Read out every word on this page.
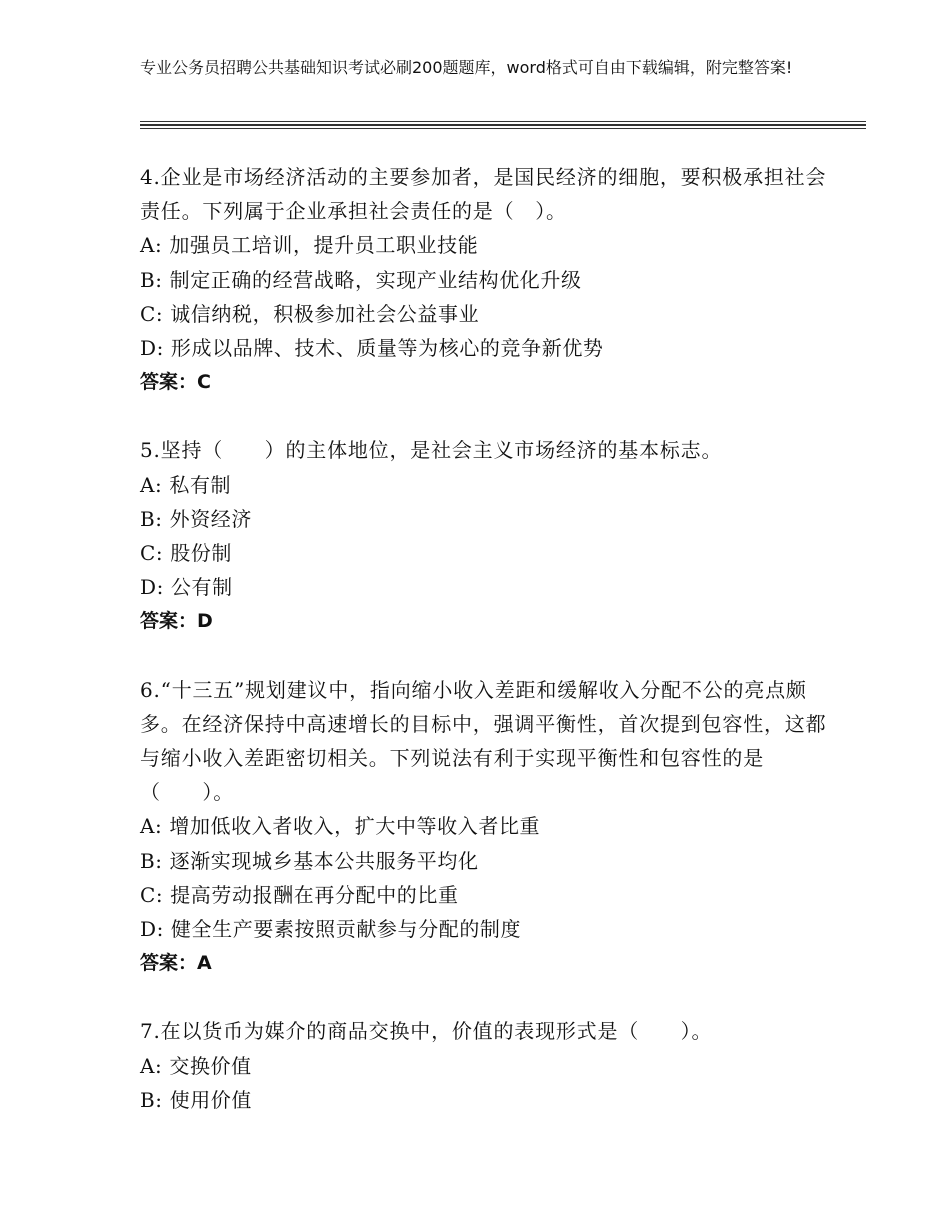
专业公务员招聘公共基础知识考试必刷200题题库，word格式可自由下载编辑，附完整答案!

4.企业是市场经济活动的主要参加者，是国民经济的细胞，要积极承担社会责任。下列属于企业承担社会责任的是（　）。

A: 加强员工培训，提升员工职业技能

B: 制定正确的经营战略，实现产业结构优化升级

C: 诚信纳税，积极参加社会公益事业

D: 形成以品牌、技术、质量等为核心的竞争新优势

答案：C

5.坚持（　　）的主体地位，是社会主义市场经济的基本标志。

A: 私有制

B: 外资经济

C: 股份制

D: 公有制

答案：D

6.“十三五”规划建议中，指向缩小收入差距和缓解收入分配不公的亮点颇多。在经济保持中高速增长的目标中，强调平衡性，首次提到包容性，这都与缩小收入差距密切相关。下列说法有利于实现平衡性和包容性的是（　　）。

A: 增加低收入者收入，扩大中等收入者比重

B: 逐渐实现城乡基本公共服务平均化

C: 提高劳动报酬在再分配中的比重

D: 健全生产要素按照贡献参与分配的制度

答案：A

7.在以货币为媒介的商品交换中，价值的表现形式是（　　）。

A: 交换价值

B: 使用价值
